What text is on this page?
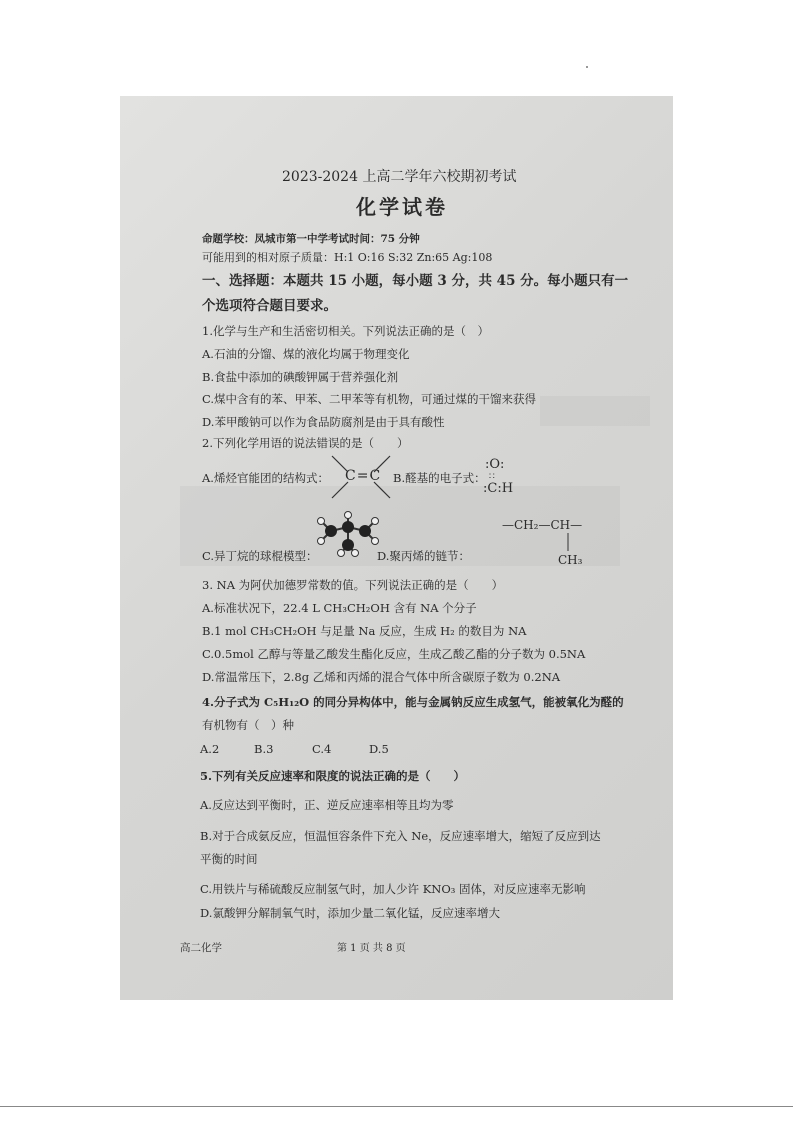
2023-2024 上高二学年六校期初考试
化学试卷
命题学校：凤城市第一中学考试时间：75 分钟
可能用到的相对原子质量：H:1 O:16 S:32 Zn:65 Ag:108
一、选择题：本题共 15 小题，每小题 3 分，共 45 分。每小题只有一
个选项符合题目要求。
1.化学与生产和生活密切相关。下列说法正确的是（　）
A.石油的分馏、煤的液化均属于物理变化
B.食盐中添加的碘酸钾属于营养强化剂
C.煤中含有的苯、甲苯、二甲苯等有机物，可通过煤的干馏来获得
D.苯甲酸钠可以作为食品防腐剂是由于具有酸性
2.下列化学用语的说法错误的是（　　）
A.烯烃官能团的结构式： C=C B.醛基的电子式：
:O:
∷
:C:H
—CH₂—CH—
CH₃
C.异丁烷的球棍模型：	D.聚丙烯的链节：
3. NA 为阿伏加德罗常数的值。下列说法正确的是（　　）
A.标准状况下，22.4 L CH₃CH₂OH 含有 NA 个分子
B.1 mol CH₃CH₂OH 与足量 Na 反应，生成 H₂ 的数目为 NA
C.0.5mol 乙醇与等量乙酸发生酯化反应，生成乙酸乙酯的分子数为 0.5NA
D.常温常压下，2.8g 乙烯和丙烯的混合气体中所含碳原子数为 0.2NA
4.分子式为 C₅H₁₂O 的同分异构体中，能与金属钠反应生成氢气，能被氧化为醛的
有机物有（　）种
A.2	B.3	C.4	D.5
5.下列有关反应速率和限度的说法正确的是（　　）
A.反应达到平衡时，正、逆反应速率相等且均为零
B.对于合成氨反应，恒温恒容条件下充入 Ne，反应速率增大，缩短了反应到达
平衡的时间
C.用铁片与稀硫酸反应制氢气时，加人少许 KNO₃ 固体，对反应速率无影响
D.氯酸钾分解制氧气时，添加少量二氧化锰，反应速率增大
高二化学	第 1 页 共 8 页
